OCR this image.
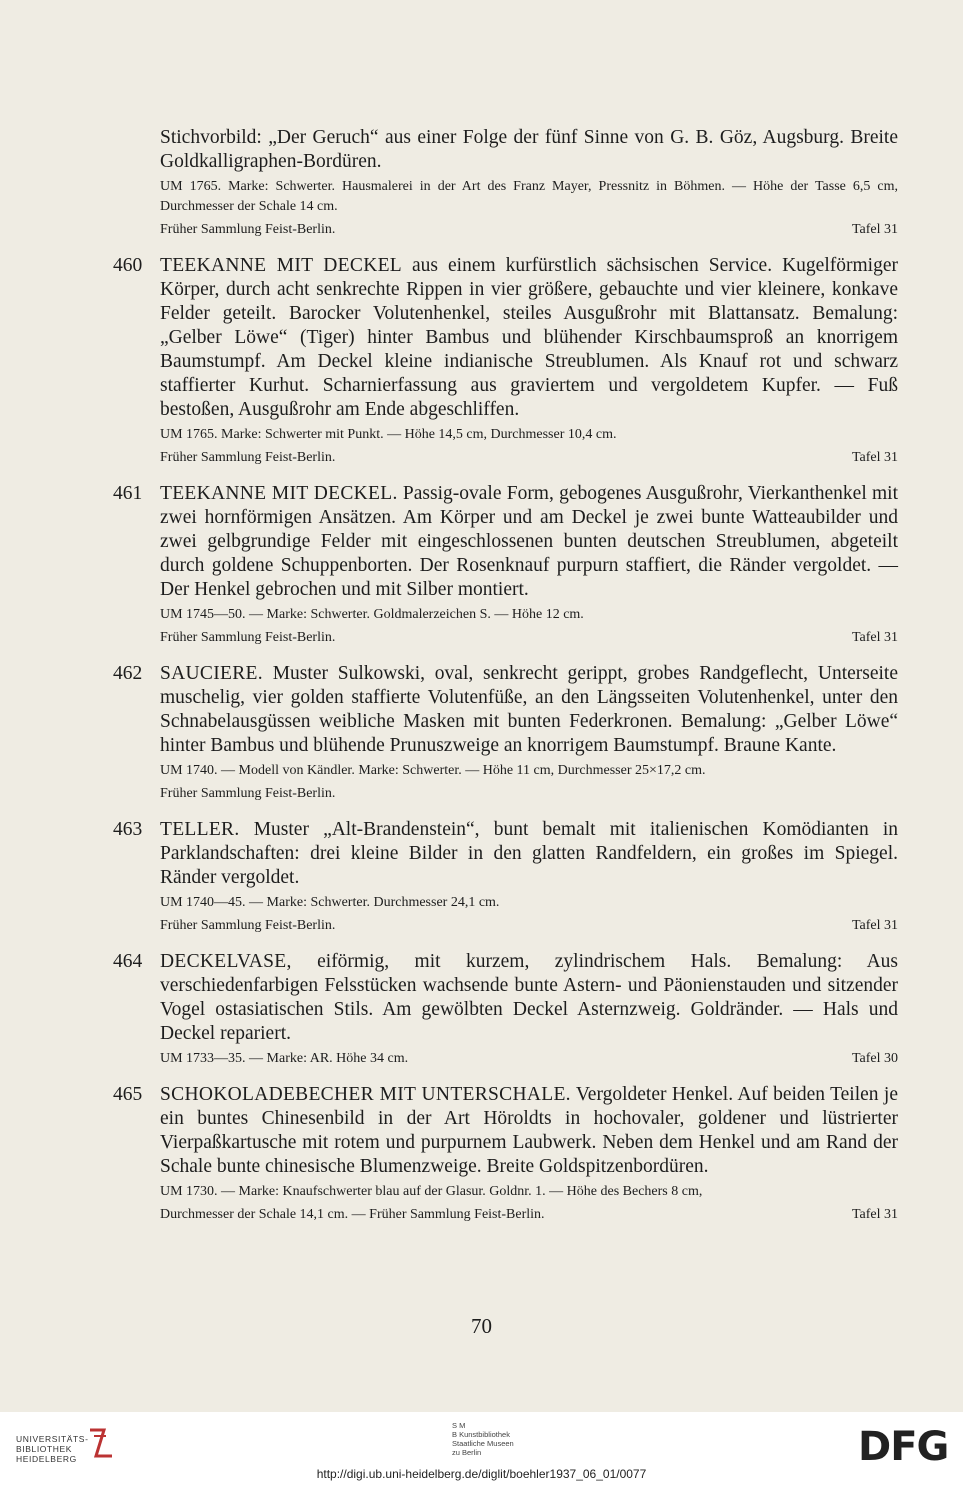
Stichvorbild: „Der Geruch“ aus einer Folge der fünf Sinne von G. B. Göz, Augsburg. Breite Goldkalligraphen-Bordüren.
UM 1765. Marke: Schwerter. Hausmalerei in der Art des Franz Mayer, Pressnitz in Böhmen. — Höhe der Tasse 6,5 cm, Durchmesser der Schale 14 cm.
Früher Sammlung Feist-Berlin.	Tafel 31
460 TEEKANNE MIT DECKEL aus einem kurfürstlich sächsischen Service. Kugelförmiger Körper, durch acht senkrechte Rippen in vier größere, gebauchte und vier kleinere, konkave Felder geteilt. Barocker Volutenhenkel, steiles Ausgußrohr mit Blattansatz. Bemalung: „Gelber Löwe“ (Tiger) hinter Bambus und blühender Kirschbaumsproß an knorrigem Baumstumpf. Am Deckel kleine indianische Streublumen. Als Knauf rot und schwarz staffierter Kurhut. Scharnierfassung aus graviertem und vergoldetem Kupfer. — Fuß bestoßen, Ausgußrohr am Ende abgeschliffen.
UM 1765. Marke: Schwerter mit Punkt. — Höhe 14,5 cm, Durchmesser 10,4 cm.
Früher Sammlung Feist-Berlin.	Tafel 31
461 TEEKANNE MIT DECKEL. Passig-ovale Form, gebogenes Ausgußrohr, Vierkanthenkel mit zwei hornförmigen Ansätzen. Am Körper und am Deckel je zwei bunte Watteaubilder und zwei gelbgrundige Felder mit eingeschlossenen bunten deutschen Streublumen, abgeteilt durch goldene Schuppenborten. Der Rosenknauf purpurn staffiert, die Ränder vergoldet. — Der Henkel gebrochen und mit Silber montiert.
UM 1745—50. — Marke: Schwerter. Goldmalerzeichen S. — Höhe 12 cm.
Früher Sammlung Feist-Berlin.	Tafel 31
462 SAUCIERE. Muster Sulkowski, oval, senkrecht gerippt, grobes Randgeflecht, Unterseite muschelig, vier golden staffierte Volutenfüße, an den Längsseiten Volutenhenkel, unter den Schnabelausgüssen weibliche Masken mit bunten Federkronen. Bemalung: „Gelber Löwe“ hinter Bambus und blühende Prunuszweige an knorrigem Baumstumpf. Braune Kante.
UM 1740. — Modell von Kändler. Marke: Schwerter. — Höhe 11 cm, Durchmesser 25×17,2 cm.
Früher Sammlung Feist-Berlin.
463 TELLER. Muster „Alt-Brandenstein“, bunt bemalt mit italienischen Komödianten in Parklandschaften: drei kleine Bilder in den glatten Randfeldern, ein großes im Spiegel. Ränder vergoldet.
UM 1740—45. — Marke: Schwerter. Durchmesser 24,1 cm.
Früher Sammlung Feist-Berlin.	Tafel 31
464 DECKELVASE, eiförmig, mit kurzem, zylindrischem Hals. Bemalung: Aus verschiedenfarbigen Felsstücken wachsende bunte Astern- und Päonienstauden und sitzender Vogel ostasiatischen Stils. Am gewölbten Deckel Asternzweig. Goldränder. — Hals und Deckel repariert.
UM 1733—35. — Marke: AR. Höhe 34 cm.	Tafel 30
465 SCHOKOLADEBECHER MIT UNTERSCHALE. Vergoldeter Henkel. Auf beiden Teilen je ein buntes Chinesenbild in der Art Höroldts in hochovaler, goldener und lüstrierter Vierpaßkartusche mit rotem und purpurnem Laubwerk. Neben dem Henkel und am Rand der Schale bunte chinesische Blumenzweige. Breite Goldspitzenbordüren.
UM 1730. — Marke: Knaufschwerter blau auf der Glasur. Goldnr. 1. — Höhe des Bechers 8 cm,
Durchmesser der Schale 14,1 cm. — Früher Sammlung Feist-Berlin.	Tafel 31
70
UNIVERSITÄTS-
BIBLIOTHEK
HEIDELBERG
S M
B Kunstbibliothek
Staatliche Museen
zu Berlin	DFG
http://digi.ub.uni-heidelberg.de/diglit/boehler1937_06_01/0077
